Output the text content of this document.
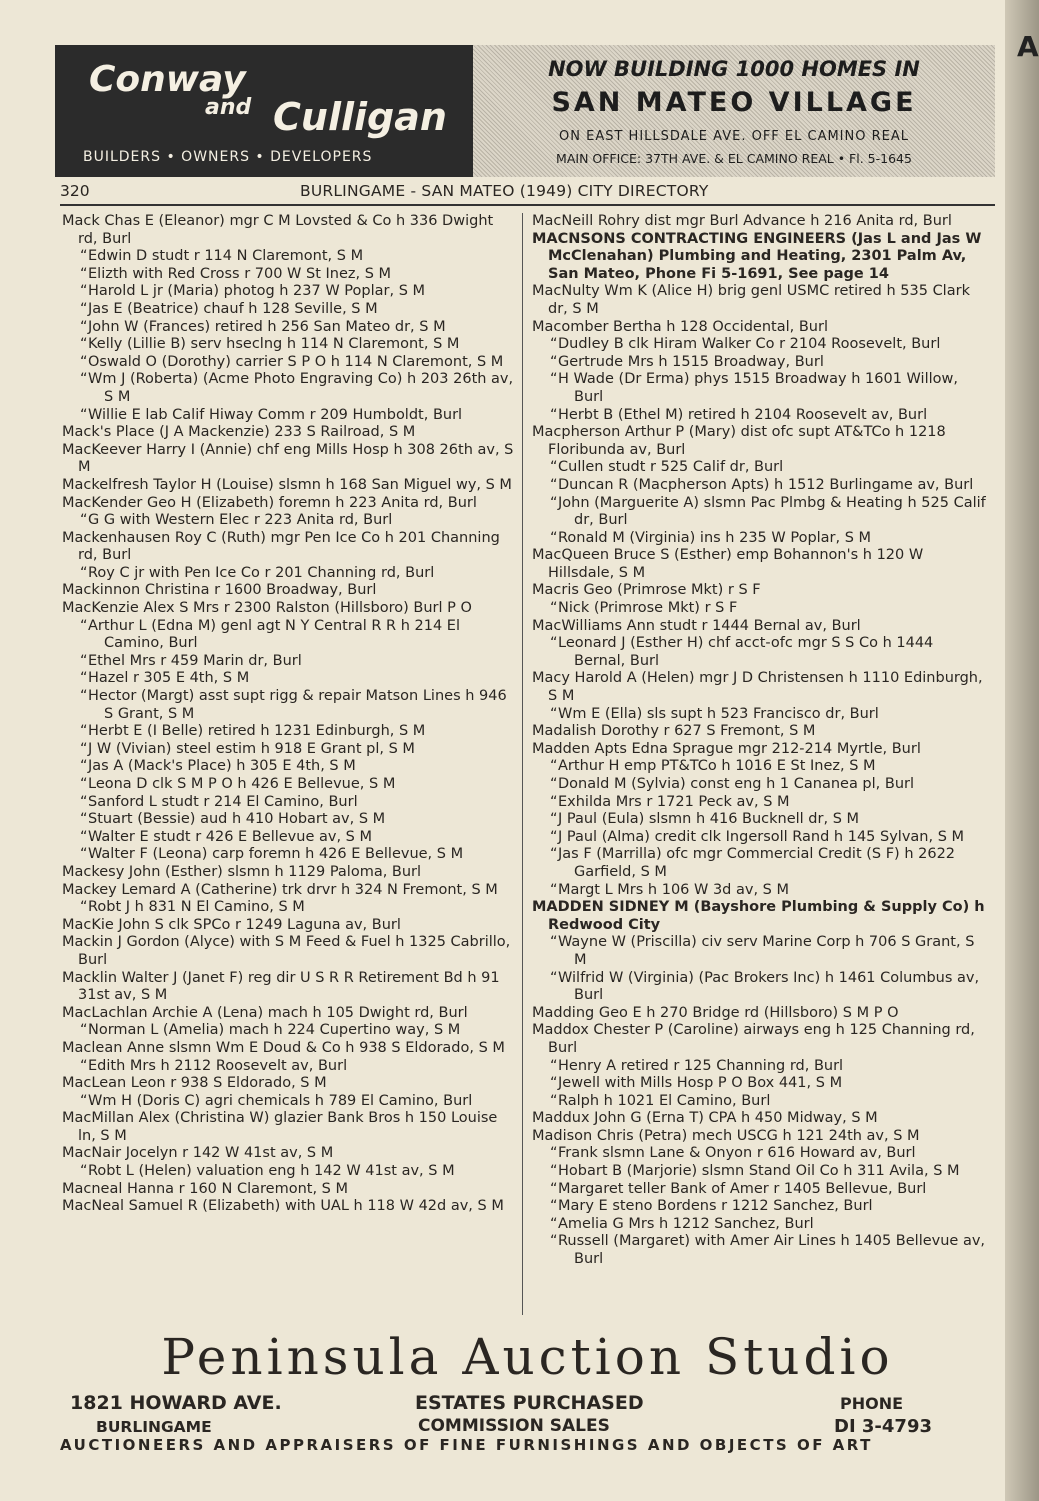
Conway
and Culligan
BUILDERS • OWNERS • DEVELOPERS
NOW BUILDING 1000 HOMES IN
SAN MATEO VILLAGE
ON EAST HILLSDALE AVE. OFF EL CAMINO REAL
MAIN OFFICE: 37TH AVE. & EL CAMINO REAL • Fl. 5-1645
A
320	BURLINGAME - SAN MATEO (1949) CITY DIRECTORY
Mack Chas E (Eleanor) mgr C M Lovsted & Co h 336 Dwight rd, Burl
“ Edwin D studt r 114 N Claremont, S M
“ Elizth with Red Cross r 700 W St Inez, S M
“ Harold L jr (Maria) photog h 237 W Poplar, S M
“ Jas E (Beatrice) chauf h 128 Seville, S M
“ John W (Frances) retired h 256 San Mateo dr, S M
“ Kelly (Lillie B) serv hseclng h 114 N Claremont, S M
“ Oswald O (Dorothy) carrier S P O h 114 N Claremont, S M
“ Wm J (Roberta) (Acme Photo Engraving Co) h 203 26th av, S M
“ Willie E lab Calif Hiway Comm r 209 Humboldt, Burl
Mack's Place (J A Mackenzie) 233 S Railroad, S M
MacKeever Harry I (Annie) chf eng Mills Hosp h 308 26th av, S M
Mackelfresh Taylor H (Louise) slsmn h 168 San Miguel wy, S M
MacKender Geo H (Elizabeth) foremn h 223 Anita rd, Burl
“ G G with Western Elec r 223 Anita rd, Burl
Mackenhausen Roy C (Ruth) mgr Pen Ice Co h 201 Channing rd, Burl
“ Roy C jr with Pen Ice Co r 201 Channing rd, Burl
Mackinnon Christina r 1600 Broadway, Burl
MacKenzie Alex S Mrs r 2300 Ralston (Hillsboro) Burl P O
“ Arthur L (Edna M) genl agt N Y Central R R h 214 El Camino, Burl
“ Ethel Mrs r 459 Marin dr, Burl
“ Hazel r 305 E 4th, S M
“ Hector (Margt) asst supt rigg & repair Matson Lines h 946 S Grant, S M
“ Herbt E (I Belle) retired h 1231 Edinburgh, S M
“ J W (Vivian) steel estim h 918 E Grant pl, S M
“ Jas A (Mack's Place) h 305 E 4th, S M
“ Leona D clk S M P O h 426 E Bellevue, S M
“ Sanford L studt r 214 El Camino, Burl
“ Stuart (Bessie) aud h 410 Hobart av, S M
“ Walter E studt r 426 E Bellevue av, S M
“ Walter F (Leona) carp foremn h 426 E Bellevue, S M
Mackesy John (Esther) slsmn h 1129 Paloma, Burl
Mackey Lemard A (Catherine) trk drvr h 324 N Fremont, S M
“ Robt J h 831 N El Camino, S M
MacKie John S clk SPCo r 1249 Laguna av, Burl
Mackin J Gordon (Alyce) with S M Feed & Fuel h 1325 Cabrillo, Burl
Macklin Walter J (Janet F) reg dir U S R R Retirement Bd h 91 31st av, S M
MacLachlan Archie A (Lena) mach h 105 Dwight rd, Burl
“ Norman L (Amelia) mach h 224 Cupertino way, S M
Maclean Anne slsmn Wm E Doud & Co h 938 S Eldorado, S M
“ Edith Mrs h 2112 Roosevelt av, Burl
MacLean Leon r 938 S Eldorado, S M
“ Wm H (Doris C) agri chemicals h 789 El Camino, Burl
MacMillan Alex (Christina W) glazier Bank Bros h 150 Louise ln, S M
MacNair Jocelyn r 142 W 41st av, S M
“ Robt L (Helen) valuation eng h 142 W 41st av, S M
Macneal Hanna r 160 N Claremont, S M
MacNeal Samuel R (Elizabeth) with UAL h 118 W 42d av, S M
MacNeill Rohry dist mgr Burl Advance h 216 Anita rd, Burl
MACNSONS CONTRACTING ENGINEERS (Jas L and Jas W McClenahan) Plumbing and Heating, 2301 Palm Av, San Mateo, Phone Fi 5-1691, See page 14
MacNulty Wm K (Alice H) brig genl USMC retired h 535 Clark dr, S M
Macomber Bertha h 128 Occidental, Burl
“ Dudley B clk Hiram Walker Co r 2104 Roosevelt, Burl
“ Gertrude Mrs h 1515 Broadway, Burl
“ H Wade (Dr Erma) phys 1515 Broadway h 1601 Willow, Burl
“ Herbt B (Ethel M) retired h 2104 Roosevelt av, Burl
Macpherson Arthur P (Mary) dist ofc supt AT&TCo h 1218 Floribunda av, Burl
“ Cullen studt r 525 Calif dr, Burl
“ Duncan R (Macpherson Apts) h 1512 Burlingame av, Burl
“ John (Marguerite A) slsmn Pac Plmbg & Heating h 525 Calif dr, Burl
“ Ronald M (Virginia) ins h 235 W Poplar, S M
MacQueen Bruce S (Esther) emp Bohannon's h 120 W Hillsdale, S M
Macris Geo (Primrose Mkt) r S F
“ Nick (Primrose Mkt) r S F
MacWilliams Ann studt r 1444 Bernal av, Burl
“ Leonard J (Esther H) chf acct-ofc mgr S S Co h 1444 Bernal, Burl
Macy Harold A (Helen) mgr J D Christensen h 1110 Edinburgh, S M
“ Wm E (Ella) sls supt h 523 Francisco dr, Burl
Madalish Dorothy r 627 S Fremont, S M
Madden Apts Edna Sprague mgr 212-214 Myrtle, Burl
“ Arthur H emp PT&TCo h 1016 E St Inez, S M
“ Donald M (Sylvia) const eng h 1 Cananea pl, Burl
“ Exhilda Mrs r 1721 Peck av, S M
“ J Paul (Eula) slsmn h 416 Bucknell dr, S M
“ J Paul (Alma) credit clk Ingersoll Rand h 145 Sylvan, S M
“ Jas F (Marrilla) ofc mgr Commercial Credit (S F) h 2622 Garfield, S M
“ Margt L Mrs h 106 W 3d av, S M
MADDEN SIDNEY M (Bayshore Plumbing & Supply Co) h Redwood City
“ Wayne W (Priscilla) civ serv Marine Corp h 706 S Grant, S M
“ Wilfrid W (Virginia) (Pac Brokers Inc) h 1461 Columbus av, Burl
Madding Geo E h 270 Bridge rd (Hillsboro) S M P O
Maddox Chester P (Caroline) airways eng h 125 Channing rd, Burl
“ Henry A retired r 125 Channing rd, Burl
“ Jewell with Mills Hosp P O Box 441, S M
“ Ralph h 1021 El Camino, Burl
Maddux John G (Erna T) CPA h 450 Midway, S M
Madison Chris (Petra) mech USCG h 121 24th av, S M
“ Frank slsmn Lane & Onyon r 616 Howard av, Burl
“ Hobart B (Marjorie) slsmn Stand Oil Co h 311 Avila, S M
“ Margaret teller Bank of Amer r 1405 Bellevue, Burl
“ Mary E steno Bordens r 1212 Sanchez, Burl
“ Amelia G Mrs h 1212 Sanchez, Burl
“ Russell (Margaret) with Amer Air Lines h 1405 Bellevue av, Burl
Peninsula Auction Studio
1821 HOWARD AVE.
BURLINGAME
ESTATES PURCHASED
COMMISSION SALES
PHONE
DI 3-4793
AUCTIONEERS AND APPRAISERS OF FINE FURNISHINGS AND OBJECTS OF ART
